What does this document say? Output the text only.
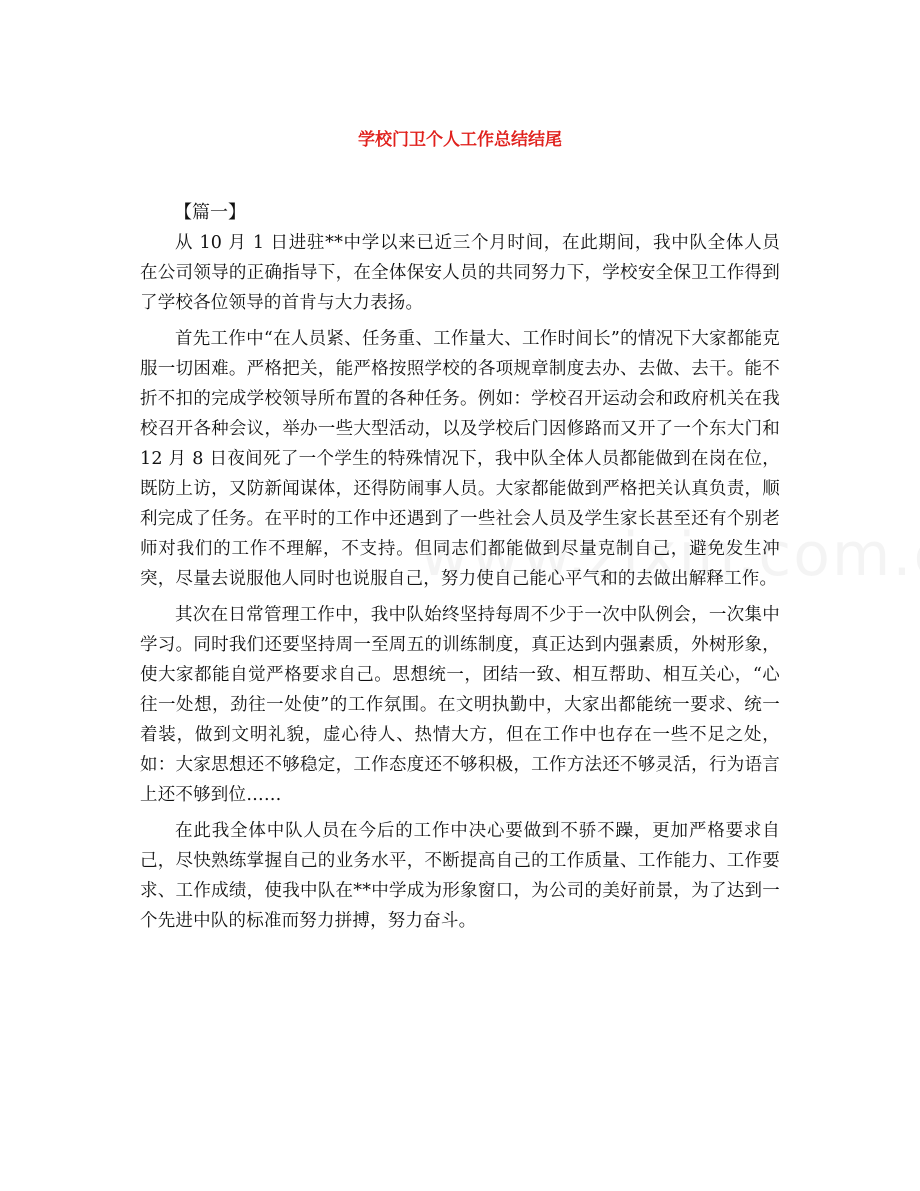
学校门卫个人工作总结结尾

【篇一】

从 10 月 1 日进驻**中学以来已近三个月时间，在此期间，我中队全体人员在公司领导的正确指导下，在全体保安人员的共同努力下，学校安全保卫工作得到了学校各位领导的首肯与大力表扬。

首先工作中“在人员紧、任务重、工作量大、工作时间长”的情况下大家都能克服一切困难。严格把关，能严格按照学校的各项规章制度去办、去做、去干。能不折不扣的完成学校领导所布置的各种任务。例如：学校召开运动会和政府机关在我校召开各种会议，举办一些大型活动，以及学校后门因修路而又开了一个东大门和 12 月 8 日夜间死了一个学生的特殊情况下，我中队全体人员都能做到在岗在位，既防上访，又防新闻谋体，还得防闹事人员。大家都能做到严格把关认真负责，顺利完成了任务。在平时的工作中还遇到了一些社会人员及学生家长甚至还有个别老师对我们的工作不理解，不支持。但同志们都能做到尽量克制自己，避免发生冲突，尽量去说服他人同时也说服自己，努力使自己能心平气和的去做出解释工作。

其次在日常管理工作中，我中队始终坚持每周不少于一次中队例会，一次集中学习。同时我们还要坚持周一至周五的训练制度，真正达到内强素质，外树形象，使大家都能自觉严格要求自己。思想统一，团结一致、相互帮助、相互关心，“心往一处想，劲往一处使”的工作氛围。在文明执勤中，大家出都能统一要求、统一着装，做到文明礼貌，虚心待人、热情大方，但在工作中也存在一些不足之处，如：大家思想还不够稳定，工作态度还不够积极，工作方法还不够灵活，行为语言上还不够到位……

在此我全体中队人员在今后的工作中决心要做到不骄不躁，更加严格要求自己，尽快熟练掌握自己的业务水平，不断提高自己的工作质量、工作能力、工作要求、工作成绩，使我中队在**中学成为形象窗口，为公司的美好前景，为了达到一个先进中队的标准而努力拼搏，努力奋斗。
